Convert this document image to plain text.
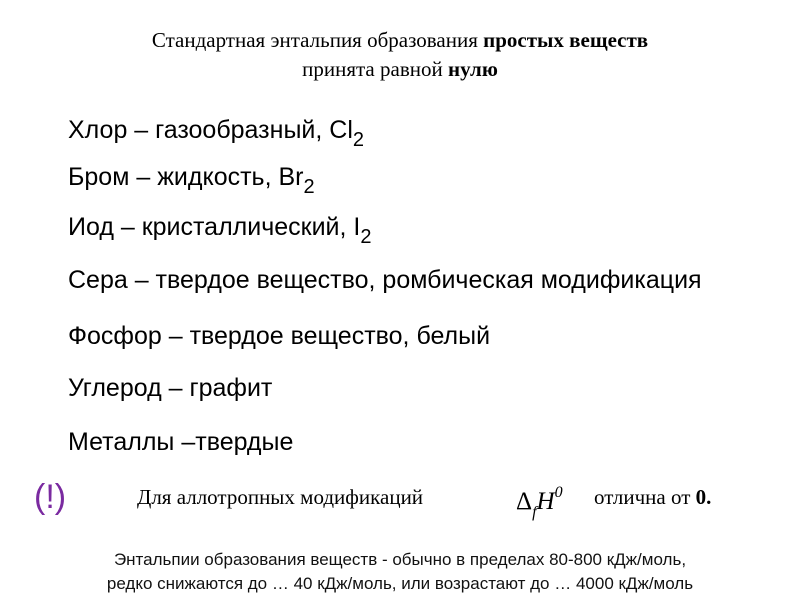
Стандартная энтальпия образования простых веществ
принята равной нулю
Хлор – газообразный, $Cl_2$
Бром – жидкость, $Br_2$
Иод – кристаллический, $I_2$
Сера – твердое вещество, ромбическая модификация
Фосфор – твердое вещество, белый
Углерод – графит
Металлы –твердые
(!)	Для аллотропных модификаций	$\Delta_fH^0$ отлична от 0.
Энтальпии образования веществ - обычно в пределах 80-800 кДж/моль,
редко снижаются до … 40 кДж/моль, или возрастают до … 4000 кДж/моль
